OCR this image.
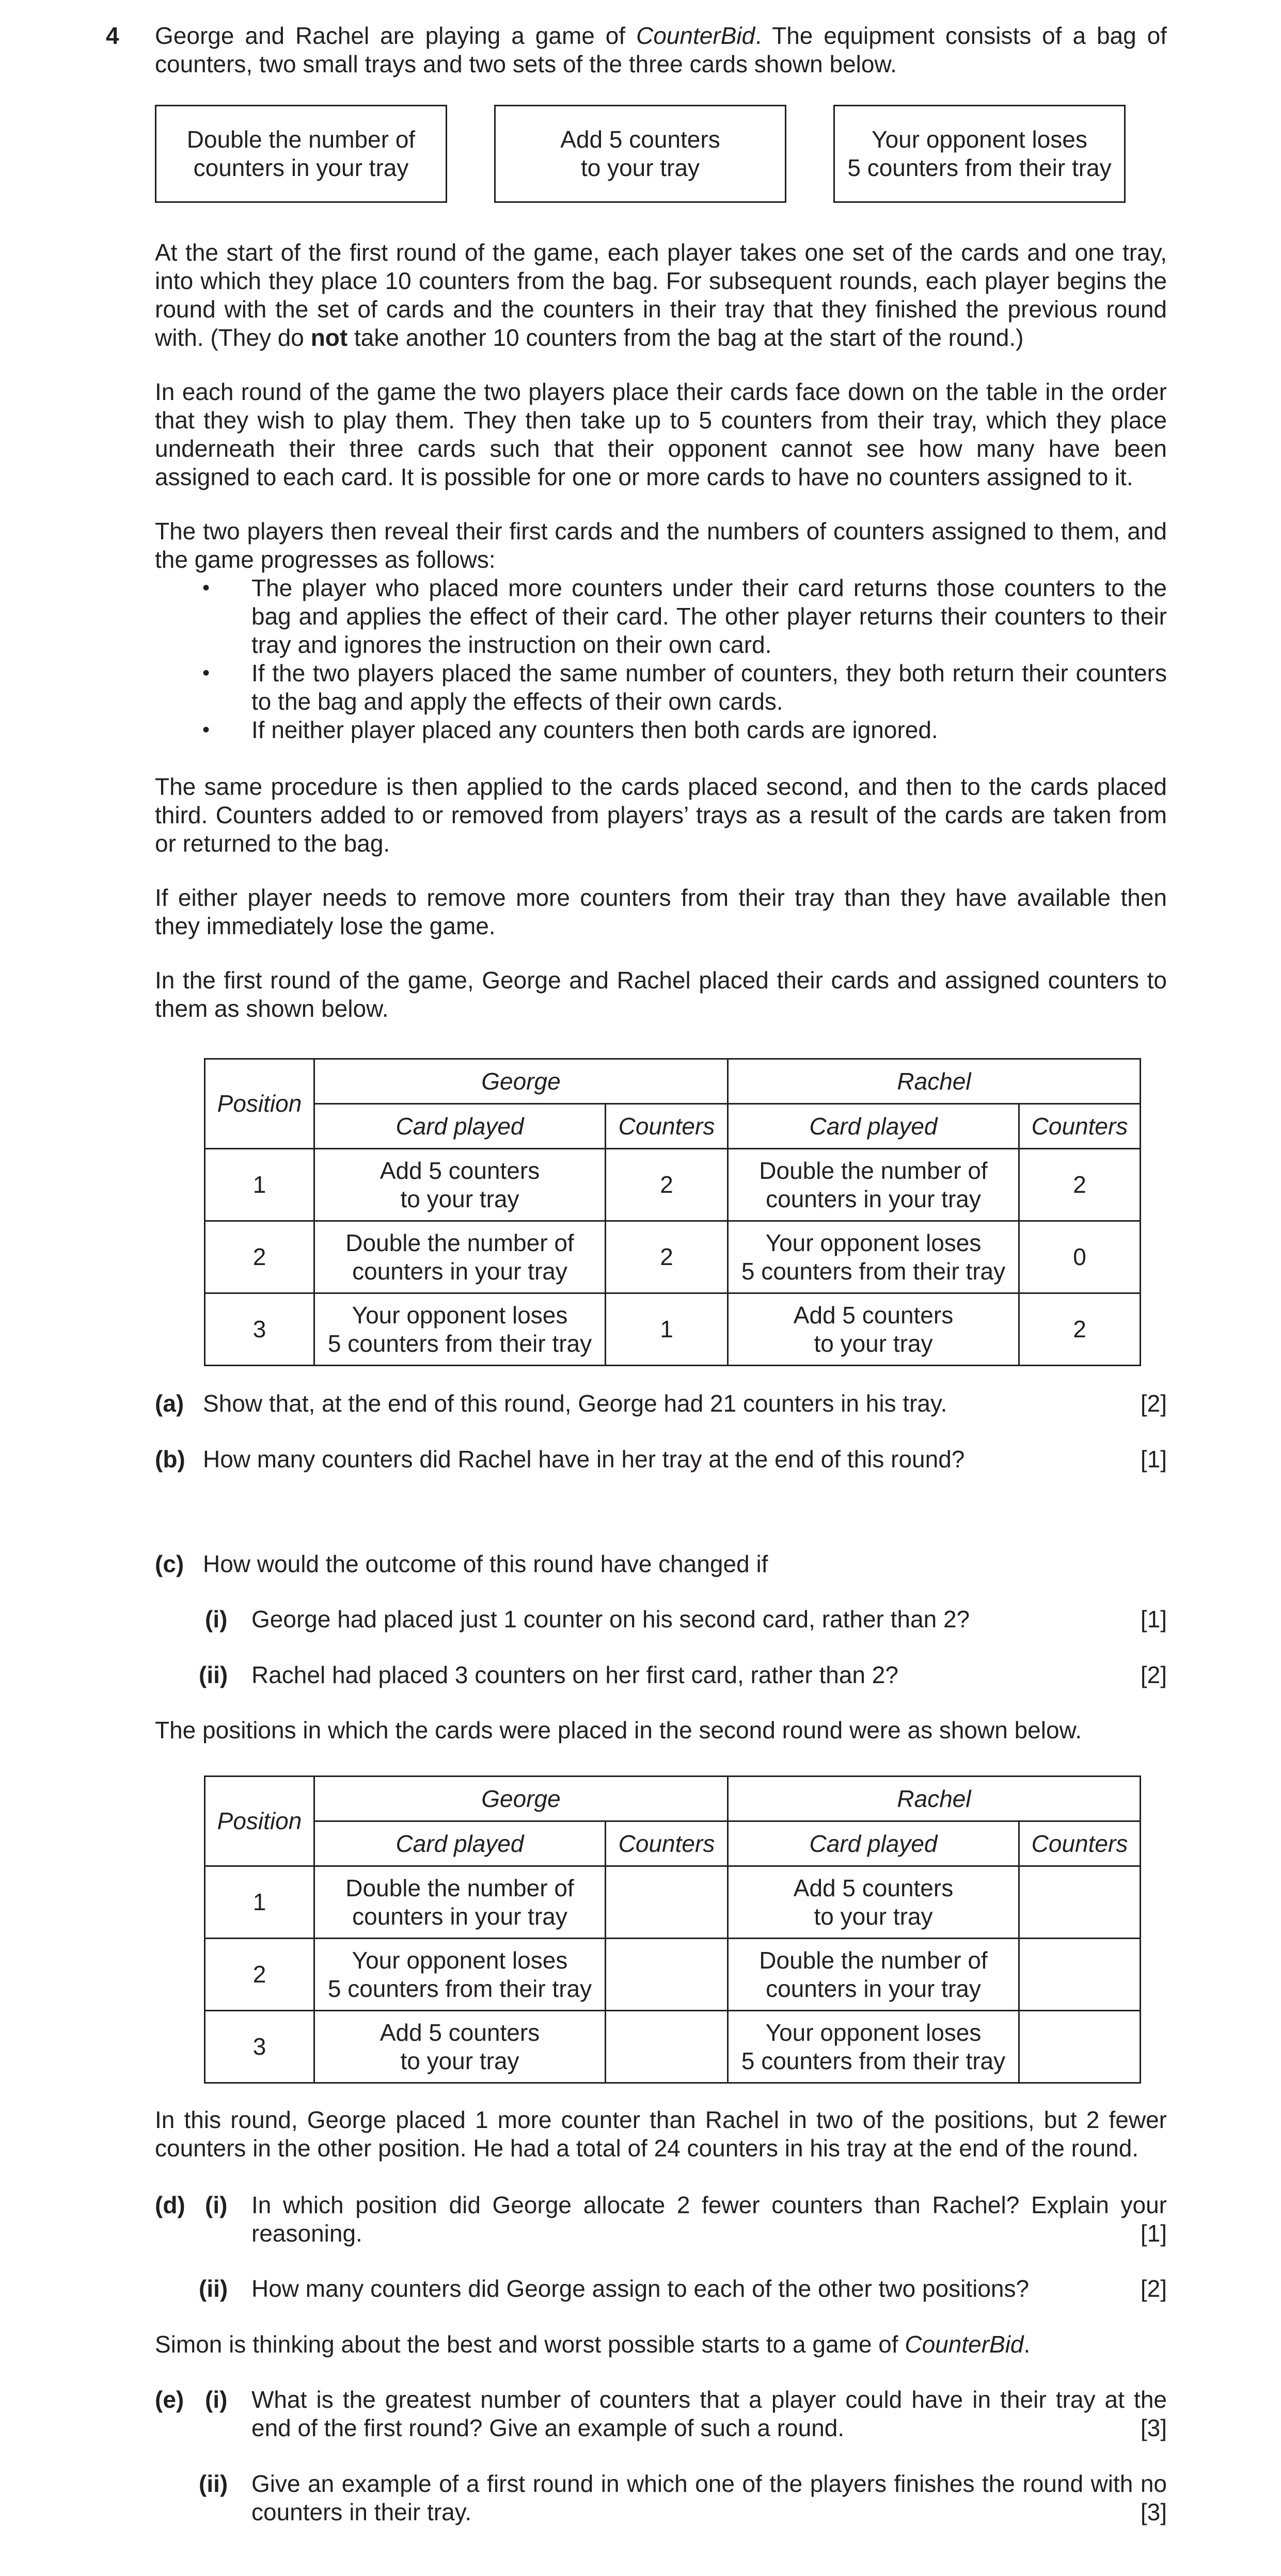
4 George and Rachel are playing a game of CounterBid. The equipment consists of a bag of counters, two small trays and two sets of the three cards shown below.
Double the number of
counters in your tray
Add 5 counters
to your tray
Your opponent loses
5 counters from their tray
At the start of the first round of the game, each player takes one set of the cards and one tray, into which they place 10 counters from the bag. For subsequent rounds, each player begins the round with the set of cards and the counters in their tray that they finished the previous round with. (They do not take another 10 counters from the bag at the start of the round.)
In each round of the game the two players place their cards face down on the table in the order that they wish to play them. They then take up to 5 counters from their tray, which they place underneath their three cards such that their opponent cannot see how many have been assigned to each card. It is possible for one or more cards to have no counters assigned to it.
The two players then reveal their first cards and the numbers of counters assigned to them, and the game progresses as follows:
• The player who placed more counters under their card returns those counters to the bag and applies the effect of their card. The other player returns their counters to their tray and ignores the instruction on their own card.
• If the two players placed the same number of counters, they both return their counters to the bag and apply the effects of their own cards.
• If neither player placed any counters then both cards are ignored.
The same procedure is then applied to the cards placed second, and then to the cards placed third. Counters added to or removed from players’ trays as a result of the cards are taken from or returned to the bag.
If either player needs to remove more counters from their tray than they have available then they immediately lose the game.
In the first round of the game, George and Rachel placed their cards and assigned counters to them as shown below.
Position	George		Rachel	
	Card played	Counters	Card played	Counters
1	Add 5 counters
to your tray	2	Double the number of
counters in your tray	2
2	Double the number of
counters in your tray	2	Your opponent loses
5 counters from their tray	0
3	Your opponent loses
5 counters from their tray	1	Add 5 counters
to your tray	2
(a) Show that, at the end of this round, George had 21 counters in his tray.	[2]
(b) How many counters did Rachel have in her tray at the end of this round?	[1]
(c) How would the outcome of this round have changed if
(i) George had placed just 1 counter on his second card, rather than 2?	[1]
(ii) Rachel had placed 3 counters on her first card, rather than 2?	[2]
The positions in which the cards were placed in the second round were as shown below.
Position	George		Rachel	
	Card played	Counters	Card played	Counters
1	Double the number of
counters in your tray		Add 5 counters
to your tray	
2	Your opponent loses
5 counters from their tray		Double the number of
counters in your tray	
3	Add 5 counters
to your tray		Your opponent loses
5 counters from their tray	
In this round, George placed 1 more counter than Rachel in two of the positions, but 2 fewer counters in the other position. He had a total of 24 counters in his tray at the end of the round.
(d) (i) In which position did George allocate 2 fewer counters than Rachel? Explain your reasoning.	[1]
(ii) How many counters did George assign to each of the other two positions?	[2]
Simon is thinking about the best and worst possible starts to a game of CounterBid.
(e) (i) What is the greatest number of counters that a player could have in their tray at the end of the first round? Give an example of such a round.	[3]
(ii) Give an example of a first round in which one of the players finishes the round with no counters in their tray.	[3]
